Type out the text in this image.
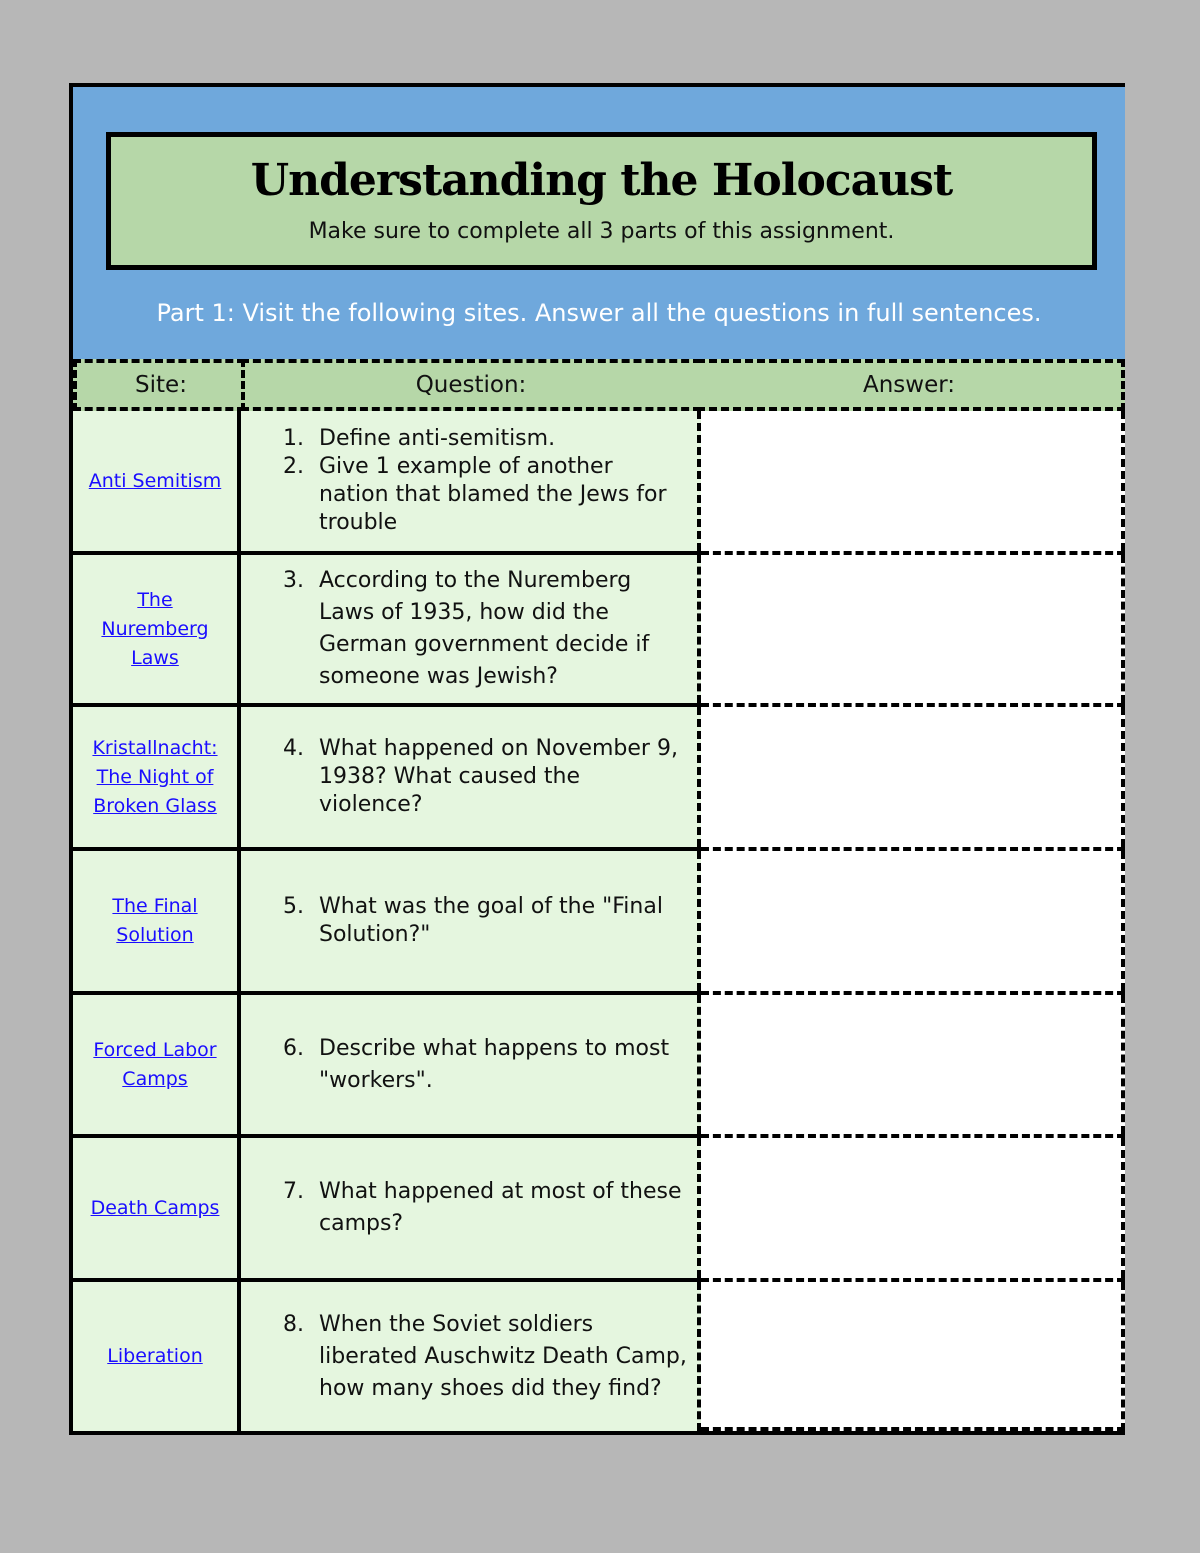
Understanding the Holocaust
Make sure to complete all 3 parts of this assignment.
Part 1: Visit the following sites. Answer all the questions in full sentences.
Site:	Question:	Answer:
Anti Semitism
1. Define anti-semitism.
2. Give 1 example of another nation that blamed the Jews for trouble
The
Nuremberg
Laws
3. According to the Nuremberg Laws of 1935, how did the German government decide if someone was Jewish?
Kristallnacht:
The Night of
Broken Glass
4. What happened on November 9, 1938? What caused the violence?
The Final
Solution
5. What was the goal of the "Final Solution?"
Forced Labor
Camps
6. Describe what happens to most "workers".
Death Camps
7. What happened at most of these camps?
Liberation
8. When the Soviet soldiers liberated Auschwitz Death Camp, how many shoes did they find?
